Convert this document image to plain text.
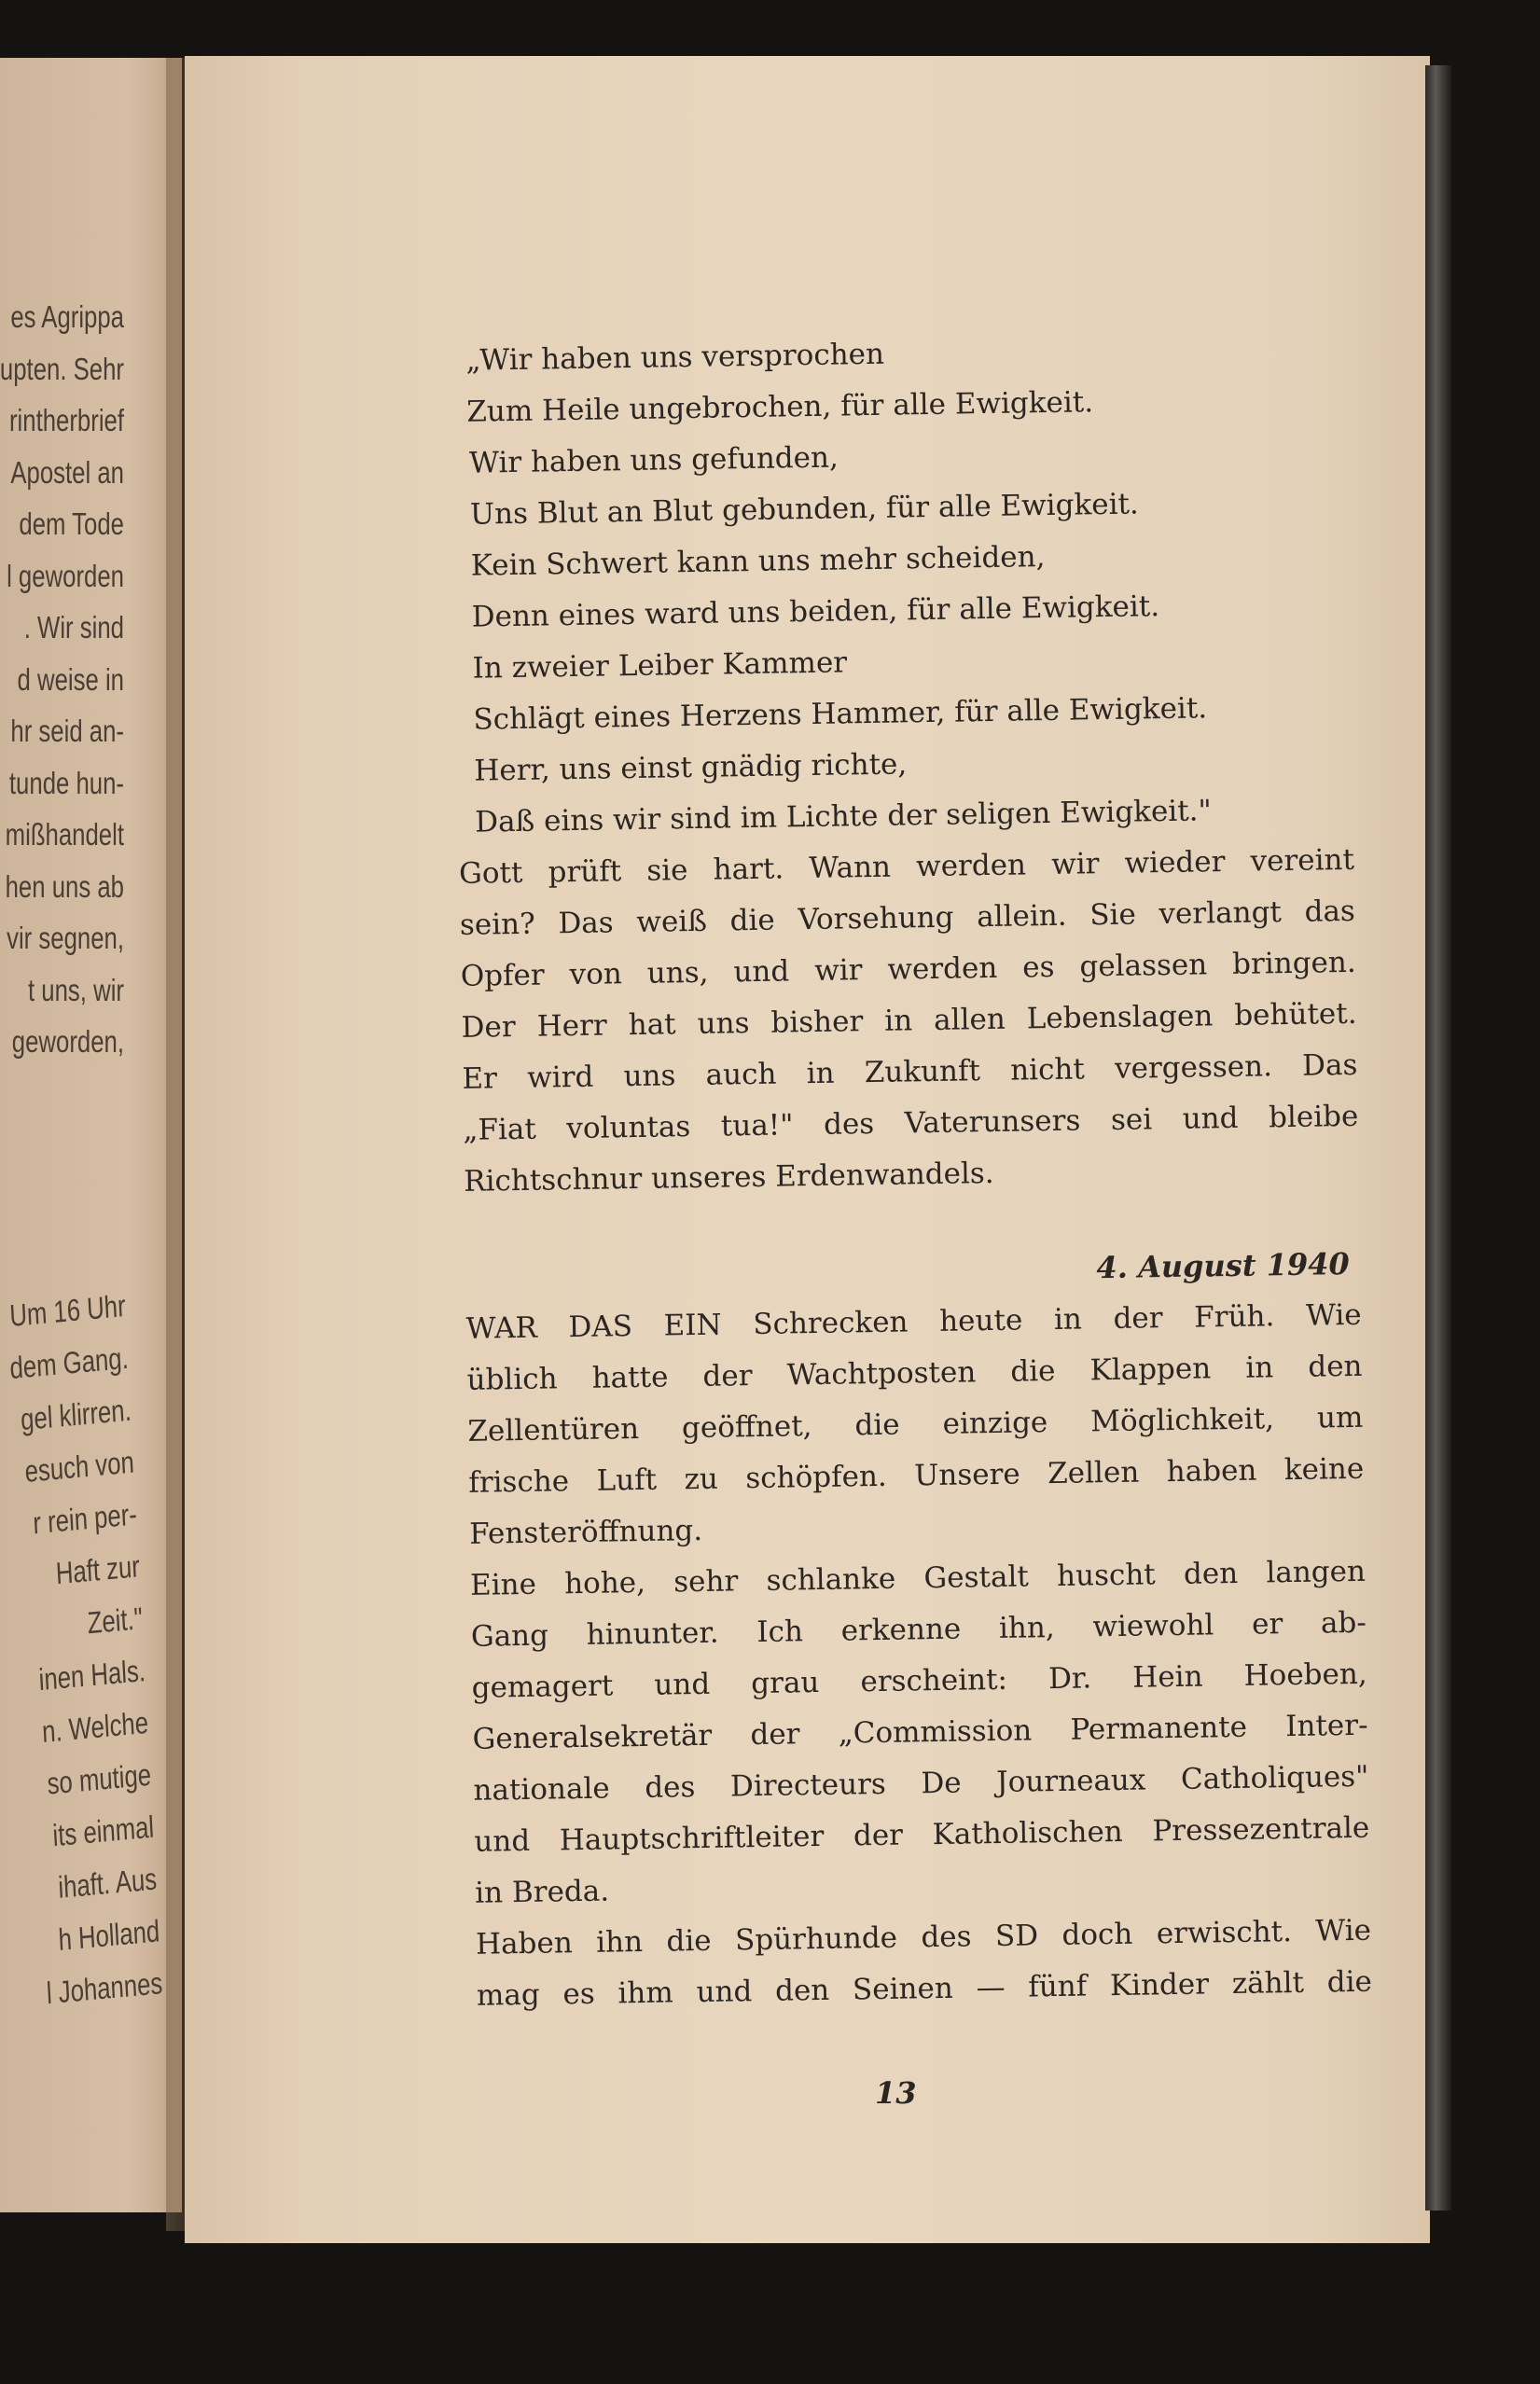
es Agrippa
upten. Sehr
rintherbrief
Apostel an
dem Tode
l geworden
. Wir sind
d weise in
hr seid an-
tunde hun-
mißhandelt
hen uns ab
vir segnen,
t uns, wir
geworden,
Um 16 Uhr
dem Gang.
gel klirren.
esuch von
r rein per-
Haft zur
Zeit."
inen Hals.
n. Welche
so mutige
its einmal
ihaft. Aus
h Holland
l Johannes
„Wir haben uns versprochen
Zum Heile ungebrochen, für alle Ewigkeit.
Wir haben uns gefunden,
Uns Blut an Blut gebunden, für alle Ewigkeit.
Kein Schwert kann uns mehr scheiden,
Denn eines ward uns beiden, für alle Ewigkeit.
In zweier Leiber Kammer
Schlägt eines Herzens Hammer, für alle Ewigkeit.
Herr, uns einst gnädig richte,
Daß eins wir sind im Lichte der seligen Ewigkeit."
Gott prüft sie hart. Wann werden wir wieder vereint
sein? Das weiß die Vorsehung allein. Sie verlangt das
Opfer von uns, und wir werden es gelassen bringen.
Der Herr hat uns bisher in allen Lebenslagen behütet.
Er wird uns auch in Zukunft nicht vergessen. Das
„Fiat voluntas tua!" des Vaterunsers sei und bleibe
Richtschnur unseres Erdenwandels.
4. August 1940
WAR DAS EIN Schrecken heute in der Früh. Wie
üblich hatte der Wachtposten die Klappen in den
Zellentüren geöffnet, die einzige Möglichkeit, um
frische Luft zu schöpfen. Unsere Zellen haben keine
Fensteröffnung.
Eine hohe, sehr schlanke Gestalt huscht den langen
Gang hinunter. Ich erkenne ihn, wiewohl er ab-
gemagert und grau erscheint: Dr. Hein Hoeben,
Generalsekretär der „Commission Permanente Inter-
nationale des Directeurs De Journeaux Catholiques"
und Hauptschriftleiter der Katholischen Pressezentrale
in Breda.
Haben ihn die Spürhunde des SD doch erwischt. Wie
mag es ihm und den Seinen — fünf Kinder zählt die
13
